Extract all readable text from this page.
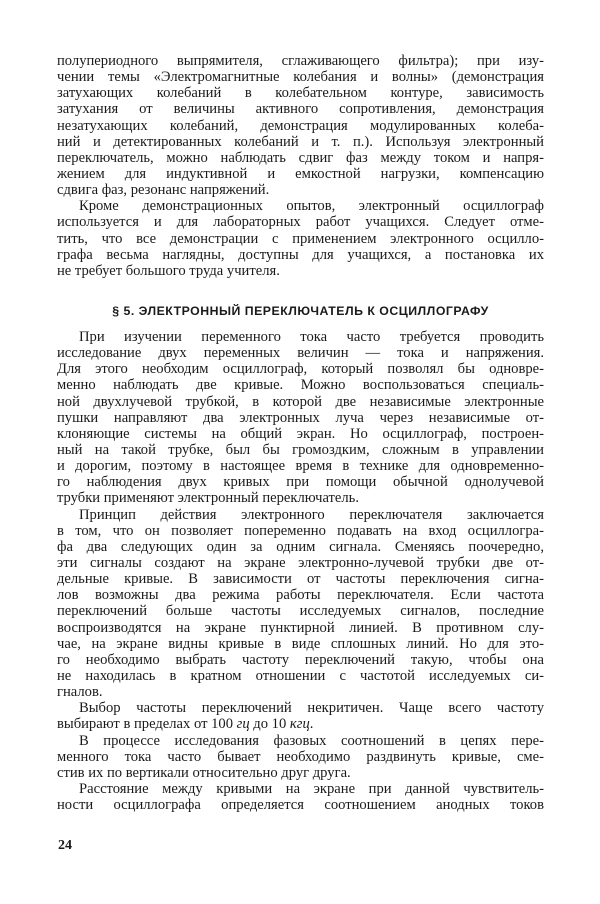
полупериодного выпрямителя, сглаживающего фильтра); при изу-
чении темы «Электромагнитные колебания и волны» (демонстрация
затухающих колебаний в колебательном контуре, зависимость
затухания от величины активного сопротивления, демонстрация
незатухающих колебаний, демонстрация модулированных колеба-
ний и детектированных колебаний и т. п.). Используя электронный
переключатель, можно наблюдать сдвиг фаз между током и напря-
жением для индуктивной и емкостной нагрузки, компенсацию
сдвига фаз, резонанс напряжений.
Кроме демонстрационных опытов, электронный осциллограф
используется и для лабораторных работ учащихся. Следует отме-
тить, что все демонстрации с применением электронного осцилло-
графа весьма наглядны, доступны для учащихся, а постановка их
не требует большого труда учителя.
§ 5. ЭЛЕКТРОННЫЙ ПЕРЕКЛЮЧАТЕЛЬ К ОСЦИЛЛОГРАФУ
При изучении переменного тока часто требуется проводить
исследование двух переменных величин — тока и напряжения.
Для этого необходим осциллограф, который позволял бы одновре-
менно наблюдать две кривые. Можно воспользоваться специаль-
ной двухлучевой трубкой, в которой две независимые электронные
пушки направляют два электронных луча через независимые от-
клоняющие системы на общий экран. Но осциллограф, построен-
ный на такой трубке, был бы громоздким, сложным в управлении
и дорогим, поэтому в настоящее время в технике для одновременно-
го наблюдения двух кривых при помощи обычной однолучевой
трубки применяют электронный переключатель.
Принцип действия электронного переключателя заключается
в том, что он позволяет попеременно подавать на вход осциллогра-
фа два следующих один за одним сигнала. Сменяясь поочередно,
эти сигналы создают на экране электронно-лучевой трубки две от-
дельные кривые. В зависимости от частоты переключения сигна-
лов возможны два режима работы переключателя. Если частота
переключений больше частоты исследуемых сигналов, последние
воспроизводятся на экране пунктирной линией. В противном слу-
чае, на экране видны кривые в виде сплошных линий. Но для это-
го необходимо выбрать частоту переключений такую, чтобы она
не находилась в кратном отношении с частотой исследуемых си-
гналов.
Выбор частоты переключений некритичен. Чаще всего частоту
выбирают в пределах от 100 гц до 10 кгц.
В процессе исследования фазовых соотношений в цепях пере-
менного тока часто бывает необходимо раздвинуть кривые, сме-
стив их по вертикали относительно друг друга.
Расстояние между кривыми на экране при данной чувствитель-
ности осциллографа определяется соотношением анодных токов
24
